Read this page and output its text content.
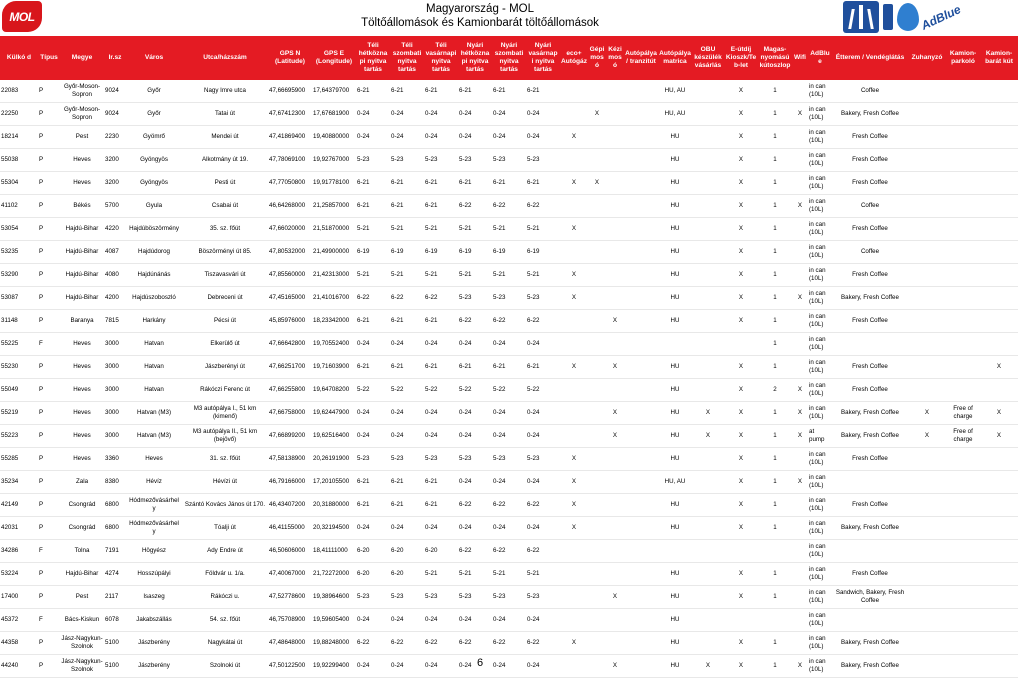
MOL
Magyarország - MOL
Töltőállomások és Kamionbarát töltőállomások	AdBlue
Külkó d	Típus	Megye	Ir.sz	Város	Utca/házszám	GPS N (Latitude)	GPS E (Longitude)	Téli hétköznapi nyitva tartás	Téli szombati nyitva tartás	Téli vasárnapi nyitva tartás	Nyári hétköznapi nyitva tartás	Nyári szombati nyitva tartás	Nyári vasárnap i nyitva tartás	eco+ Autógáz	Gépi mos ó	Kézi mos ó	Autópálya / tranzitút	Autópálya matrica	OBU készülék vásárlás	E-útdíj Kioszk/Te b-let	Magas-nyomású kútoszlop	Wifi	AdBlu e	Étterem / Vendéglátás	Zuhanyzó	Kamion-parkoló	Kamion-barát kút
22083	P	Győr-Moson-Sopron	9024	Győr	Nagy Imre utca	47,66695900	17,64379700	6-21	6-21	6-21	6-21	6-21	6-21					HU, AU		X	1		in can (10L)	Coffee			
22250	P	Győr-Moson-Sopron	9024	Győr	Tatai út	47,67412300	17,67681900	0-24	0-24	0-24	0-24	0-24	0-24		X			HU, AU		X	1	X	in can (10L)	Bakery, Fresh Coffee			
18214	P	Pest	2230	Gyömrő	Mendei út	47,41869400	19,40880000	0-24	0-24	0-24	0-24	0-24	0-24	X				HU		X	1		in can (10L)	Fresh Coffee			
55038	P	Heves	3200	Gyöngyös	Alkotmány út 19.	47,78069100	19,92767000	5-23	5-23	5-23	5-23	5-23	5-23					HU		X	1		in can (10L)	Fresh Coffee			
55304	P	Heves	3200	Gyöngyös	Pesti út	47,77050800	19,91778100	6-21	6-21	6-21	6-21	6-21	6-21	X	X			HU		X	1		in can (10L)	Fresh Coffee			
41102	P	Békés	5700	Gyula	Csabai út	46,64268000	21,25857000	6-21	6-21	6-21	6-22	6-22	6-22					HU		X	1	X	in can (10L)	Coffee			
53054	P	Hajdú-Bihar	4220	Hajdúböszörmény	35. sz. főút	47,66020000	21,51870000	5-21	5-21	5-21	5-21	5-21	5-21	X				HU		X	1		in can (10L)	Fresh Coffee			
53235	P	Hajdú-Bihar	4087	Hajdúdorog	Böszörményi út 85.	47,80532000	21,49900000	6-19	6-19	6-19	6-19	6-19	6-19					HU		X	1		in can (10L)	Coffee			
53290	P	Hajdú-Bihar	4080	Hajdúnánás	Tiszavasvári út	47,85560000	21,42313000	5-21	5-21	5-21	5-21	5-21	5-21	X				HU		X	1		in can (10L)	Fresh Coffee			
53087	P	Hajdú-Bihar	4200	Hajdúszoboszló	Debreceni út	47,45165000	21,41016700	6-22	6-22	6-22	5-23	5-23	5-23	X				HU		X	1	X	in can (10L)	Bakery, Fresh Coffee			
31148	P	Baranya	7815	Harkány	Pécsi út	45,85976000	18,23342000	6-21	6-21	6-21	6-22	6-22	6-22			X		HU		X	1		in can (10L)	Fresh Coffee			
55225	F	Heves	3000	Hatvan	Elkerülő út	47,66642800	19,70552400	0-24	0-24	0-24	0-24	0-24	0-24								1		in can (10L)				
55230	P	Heves	3000	Hatvan	Jászberényi út	47,66251700	19,71603900	6-21	6-21	6-21	6-21	6-21	6-21	X		X		HU		X	1		in can (10L)	Fresh Coffee			X
55049	P	Heves	3000	Hatvan	Rákóczi Ferenc út	47,66255800	19,64708200	5-22	5-22	5-22	5-22	5-22	5-22					HU		X	2	X	in can (10L)	Fresh Coffee			
55219	P	Heves	3000	Hatvan (M3)	M3 autópálya I., 51 km (kimenő)	47,66758000	19,62447900	0-24	0-24	0-24	0-24	0-24	0-24			X		HU	X	X	1	X	in can (10L)	Bakery, Fresh Coffee	X	Free of charge	X
55223	P	Heves	3000	Hatvan (M3)	M3 autópálya II., 51 km (bejövő)	47,66899200	19,62516400	0-24	0-24	0-24	0-24	0-24	0-24			X		HU	X	X	1	X	at pump	Bakery, Fresh Coffee	X	Free of charge	X
55285	P	Heves	3360	Heves	31. sz. főút	47,58138900	20,26191900	5-23	5-23	5-23	5-23	5-23	5-23	X				HU		X	1		in can (10L)	Fresh Coffee			
35234	P	Zala	8380	Hévíz	Hévízi út	46,79166000	17,20105500	6-21	6-21	6-21	0-24	0-24	0-24	X				HU, AU		X	1	X	in can (10L)				
42149	P	Csongrád	6800	Hódmezővásárhel y	Szántó Kovács János út 170.	46,43407200	20,31880000	6-21	6-21	6-21	6-22	6-22	6-22	X				HU		X	1		in can (10L)	Fresh Coffee			
42031	P	Csongrád	6800	Hódmezővásárhel y	Tóalji út	46,41155000	20,32194500	0-24	0-24	0-24	0-24	0-24	0-24	X				HU		X	1		in can (10L)	Bakery, Fresh Coffee			
34286	F	Tolna	7191	Högyész	Ady Endre út	46,50606000	18,41111000	6-20	6-20	6-20	6-22	6-22	6-22										in can (10L)				
53224	P	Hajdú-Bihar	4274	Hosszúpályi	Földvár u. 1/a.	47,40067000	21,72272000	6-20	6-20	5-21	5-21	5-21	5-21					HU		X	1		in can (10L)	Fresh Coffee			
17400	P	Pest	2117	Isaszeg	Rákóczi u.	47,52778600	19,38964600	5-23	5-23	5-23	5-23	5-23	5-23			X		HU		X	1		in can (10L)	Sandwich, Bakery, Fresh Coffee			
45372	F	Bács-Kiskun	6078	Jakabszállás	54. sz. főút	46,75708900	19,59605400	0-24	0-24	0-24	0-24	0-24	0-24					HU					in can (10L)				
44358	P	Jász-Nagykun-Szolnok	5100	Jászberény	Nagykátai út	47,48648000	19,88248000	6-22	6-22	6-22	6-22	6-22	6-22	X				HU		X	1		in can (10L)	Bakery, Fresh Coffee			
44240	P	Jász-Nagykun-Szolnok	5100	Jászberény	Szolnoki út	47,50122500	19,92299400	0-24	0-24	0-24	0-24	0-24	0-24			X		HU	X	X	1	X	in can (10L)	Bakery, Fresh Coffee			
6
